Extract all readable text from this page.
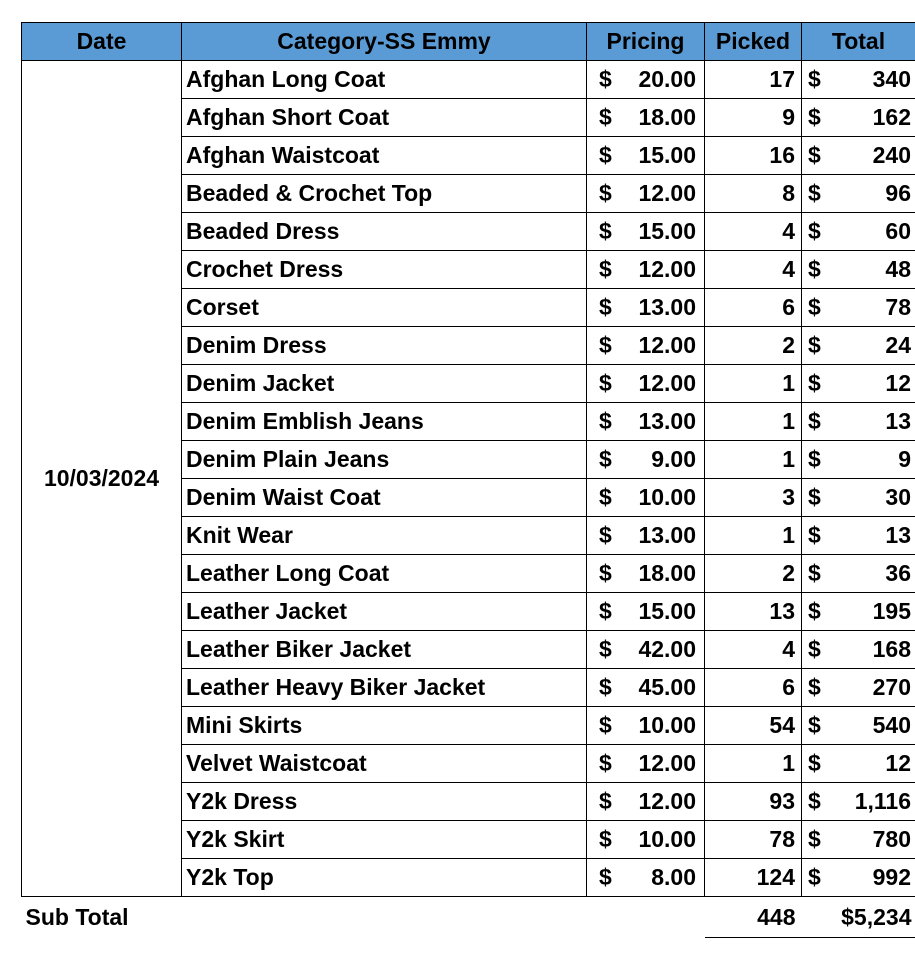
Date	Category-SS Emmy	Pricing	Picked	Total
10/03/2024	Afghan Long Coat	$ 20.00	17	$ 340

	Afghan Short Coat	$ 18.00	9	$ 162

	Afghan Waistcoat	$ 15.00	16	$ 240

	Beaded & Crochet Top	$ 12.00	8	$ 96

	Beaded Dress	$ 15.00	4	$ 60

	Crochet Dress	$ 12.00	4	$ 48

	Corset	$ 13.00	6	$ 78

	Denim Dress	$ 12.00	2	$ 24

	Denim Jacket	$ 12.00	1	$ 12

	Denim Emblish Jeans	$ 13.00	1	$ 13

	Denim Plain Jeans	$ 9.00	1	$ 9

	Denim Waist Coat	$ 10.00	3	$ 30

	Knit Wear	$ 13.00	1	$ 13

	Leather Long Coat	$ 18.00	2	$ 36

	Leather Jacket	$ 15.00	13	$ 195

	Leather Biker Jacket	$ 42.00	4	$ 168

	Leather Heavy Biker Jacket	$ 45.00	6	$ 270

	Mini Skirts	$ 10.00	54	$ 540

	Velvet Waistcoat	$ 12.00	1	$ 12

	Y2k Dress	$ 12.00	93	$ 1,116

	Y2k Skirt	$ 10.00	78	$ 780

	Y2k Top	$ 8.00	124	$ 992

Sub Total			448	$5,234
